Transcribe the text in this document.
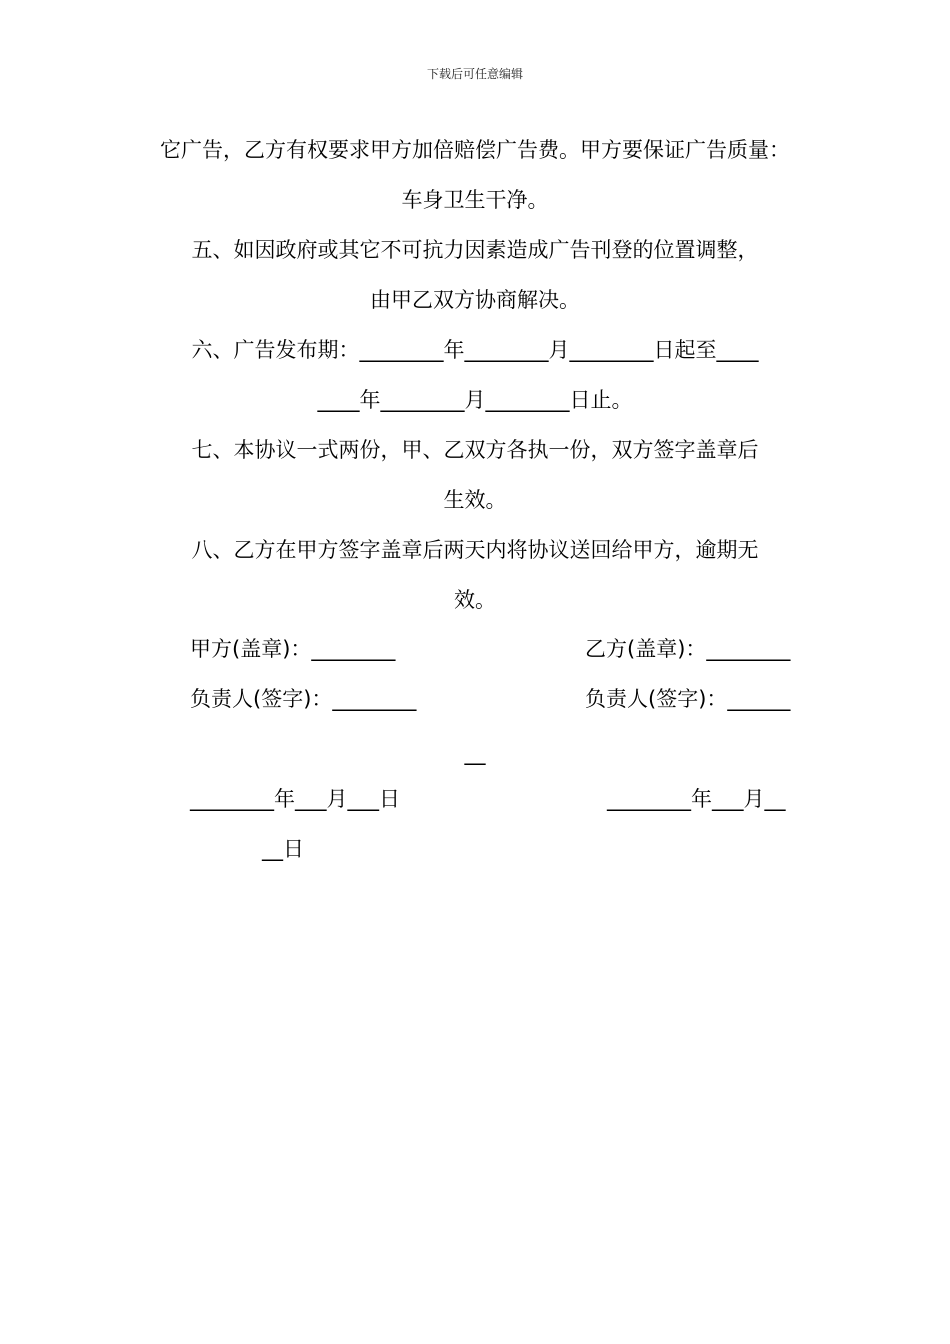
下载后可任意编辑
它广告，乙方有权要求甲方加倍赔偿广告费。甲方要保证广告质量：
车身卫生干净。
五、如因政府或其它不可抗力因素造成广告刊登的位置调整，
由甲乙双方协商解决。
六、广告发布期：________年________月________日起至____
____年________月________日止。
七、本协议一式两份，甲、乙双方各执一份，双方签字盖章后
生效。
八、乙方在甲方签字盖章后两天内将协议送回给甲方，逾期无
效。
甲方(盖章)：________	乙方(盖章)：________
负责人(签字)：________	负责人(签字)：______
__
________年___月___日	________年___月__
__日
